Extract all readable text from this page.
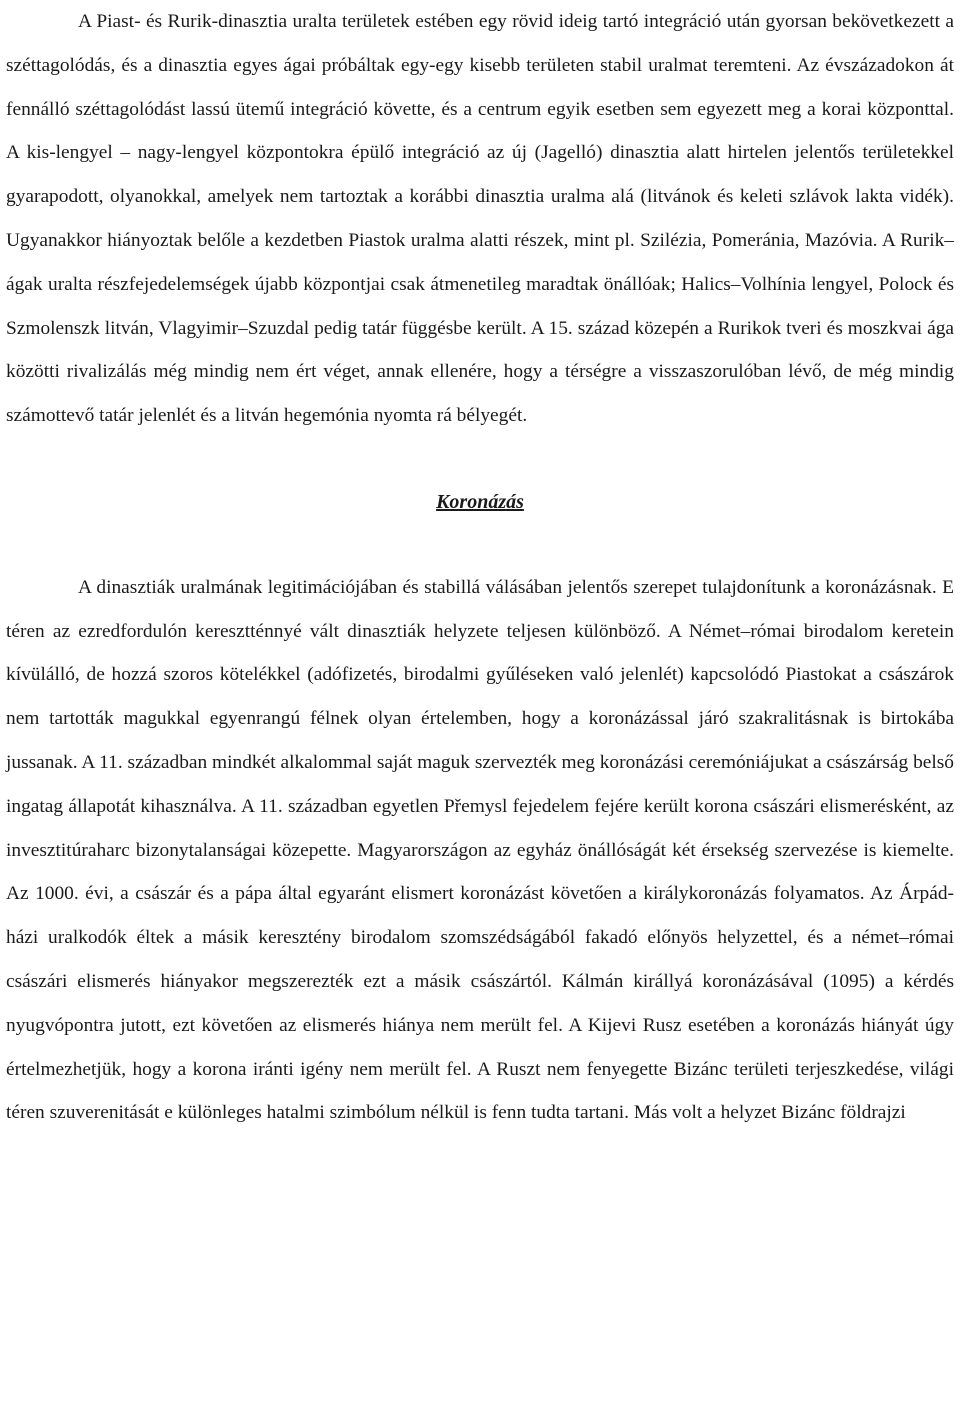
A Piast- és Rurik-dinasztia uralta területek estében egy rövid ideig tartó integráció után gyorsan bekövetkezett a széttagolódás, és a dinasztia egyes ágai próbáltak egy-egy kisebb területen stabil uralmat teremteni. Az évszázadokon át fennálló széttagolódást lassú ütemű integráció követte, és a centrum egyik esetben sem egyezett meg a korai központtal. A kis-lengyel – nagy-lengyel központokra épülő integráció az új (Jagelló) dinasztia alatt hirtelen jelentős területekkel gyarapodott, olyanokkal, amelyek nem tartoztak a korábbi dinasztia uralma alá (litvánok és keleti szlávok lakta vidék). Ugyanakkor hiányoztak belőle a kezdetben Piastok uralma alatti részek, mint pl. Szilézia, Pomeránia, Mazóvia. A Rurik–ágak uralta részfejedelemségek újabb központjai csak átmenetileg maradtak önállóak; Halics–Volhínia lengyel, Polock és Szmolenszk litván, Vlagyimir–Szuzdal pedig tatár függésbe került. A 15. század közepén a Rurikok tveri és moszkvai ága közötti rivalizálás még mindig nem ért véget, annak ellenére, hogy a térségre a visszaszorulóban lévő, de még mindig számottevő tatár jelenlét és a litván hegemónia nyomta rá bélyegét.

Koronázás

A dinasztiák uralmának legitimációjában és stabillá válásában jelentős szerepet tulajdonítunk a koronázásnak. E téren az ezredfordulón keresztténnyé vált dinasztiák helyzete teljesen különböző. A Német–római birodalom keretein kívülálló, de hozzá szoros kötelékkel (adófizetés, birodalmi gyűléseken való jelenlét) kapcsolódó Piastokat a császárok nem tartották magukkal egyenrangú félnek olyan értelemben, hogy a koronázással járó szakralitásnak is birtokába jussanak. A 11. században mindkét alkalommal saját maguk szervezték meg koronázási ceremóniájukat a császárság belső ingatag állapotát kihasználva. A 11. században egyetlen Přemysl fejedelem fejére került korona császári elismerésként, az invesztitúraharc bizonytalanságai közepette. Magyarországon az egyház önállóságát két érsekség szervezése is kiemelte. Az 1000. évi, a császár és a pápa által egyaránt elismert koronázást követően a királykoronázás folyamatos. Az Árpád-házi uralkodók éltek a másik keresztény birodalom szomszédságából fakadó előnyös helyzettel, és a német–római császári elismerés hiányakor megszerezték ezt a másik császártól. Kálmán királlyá koronázásával (1095) a kérdés nyugvópontra jutott, ezt követően az elismerés hiánya nem merült fel. A Kijevi Rusz esetében a koronázás hiányát úgy értelmezhetjük, hogy a korona iránti igény nem merült fel. A Ruszt nem fenyegette Bizánc területi terjeszkedése, világi téren szuverenitását e különleges hatalmi szimbólum nélkül is fenn tudta tartani. Más volt a helyzet Bizánc földrajzi
